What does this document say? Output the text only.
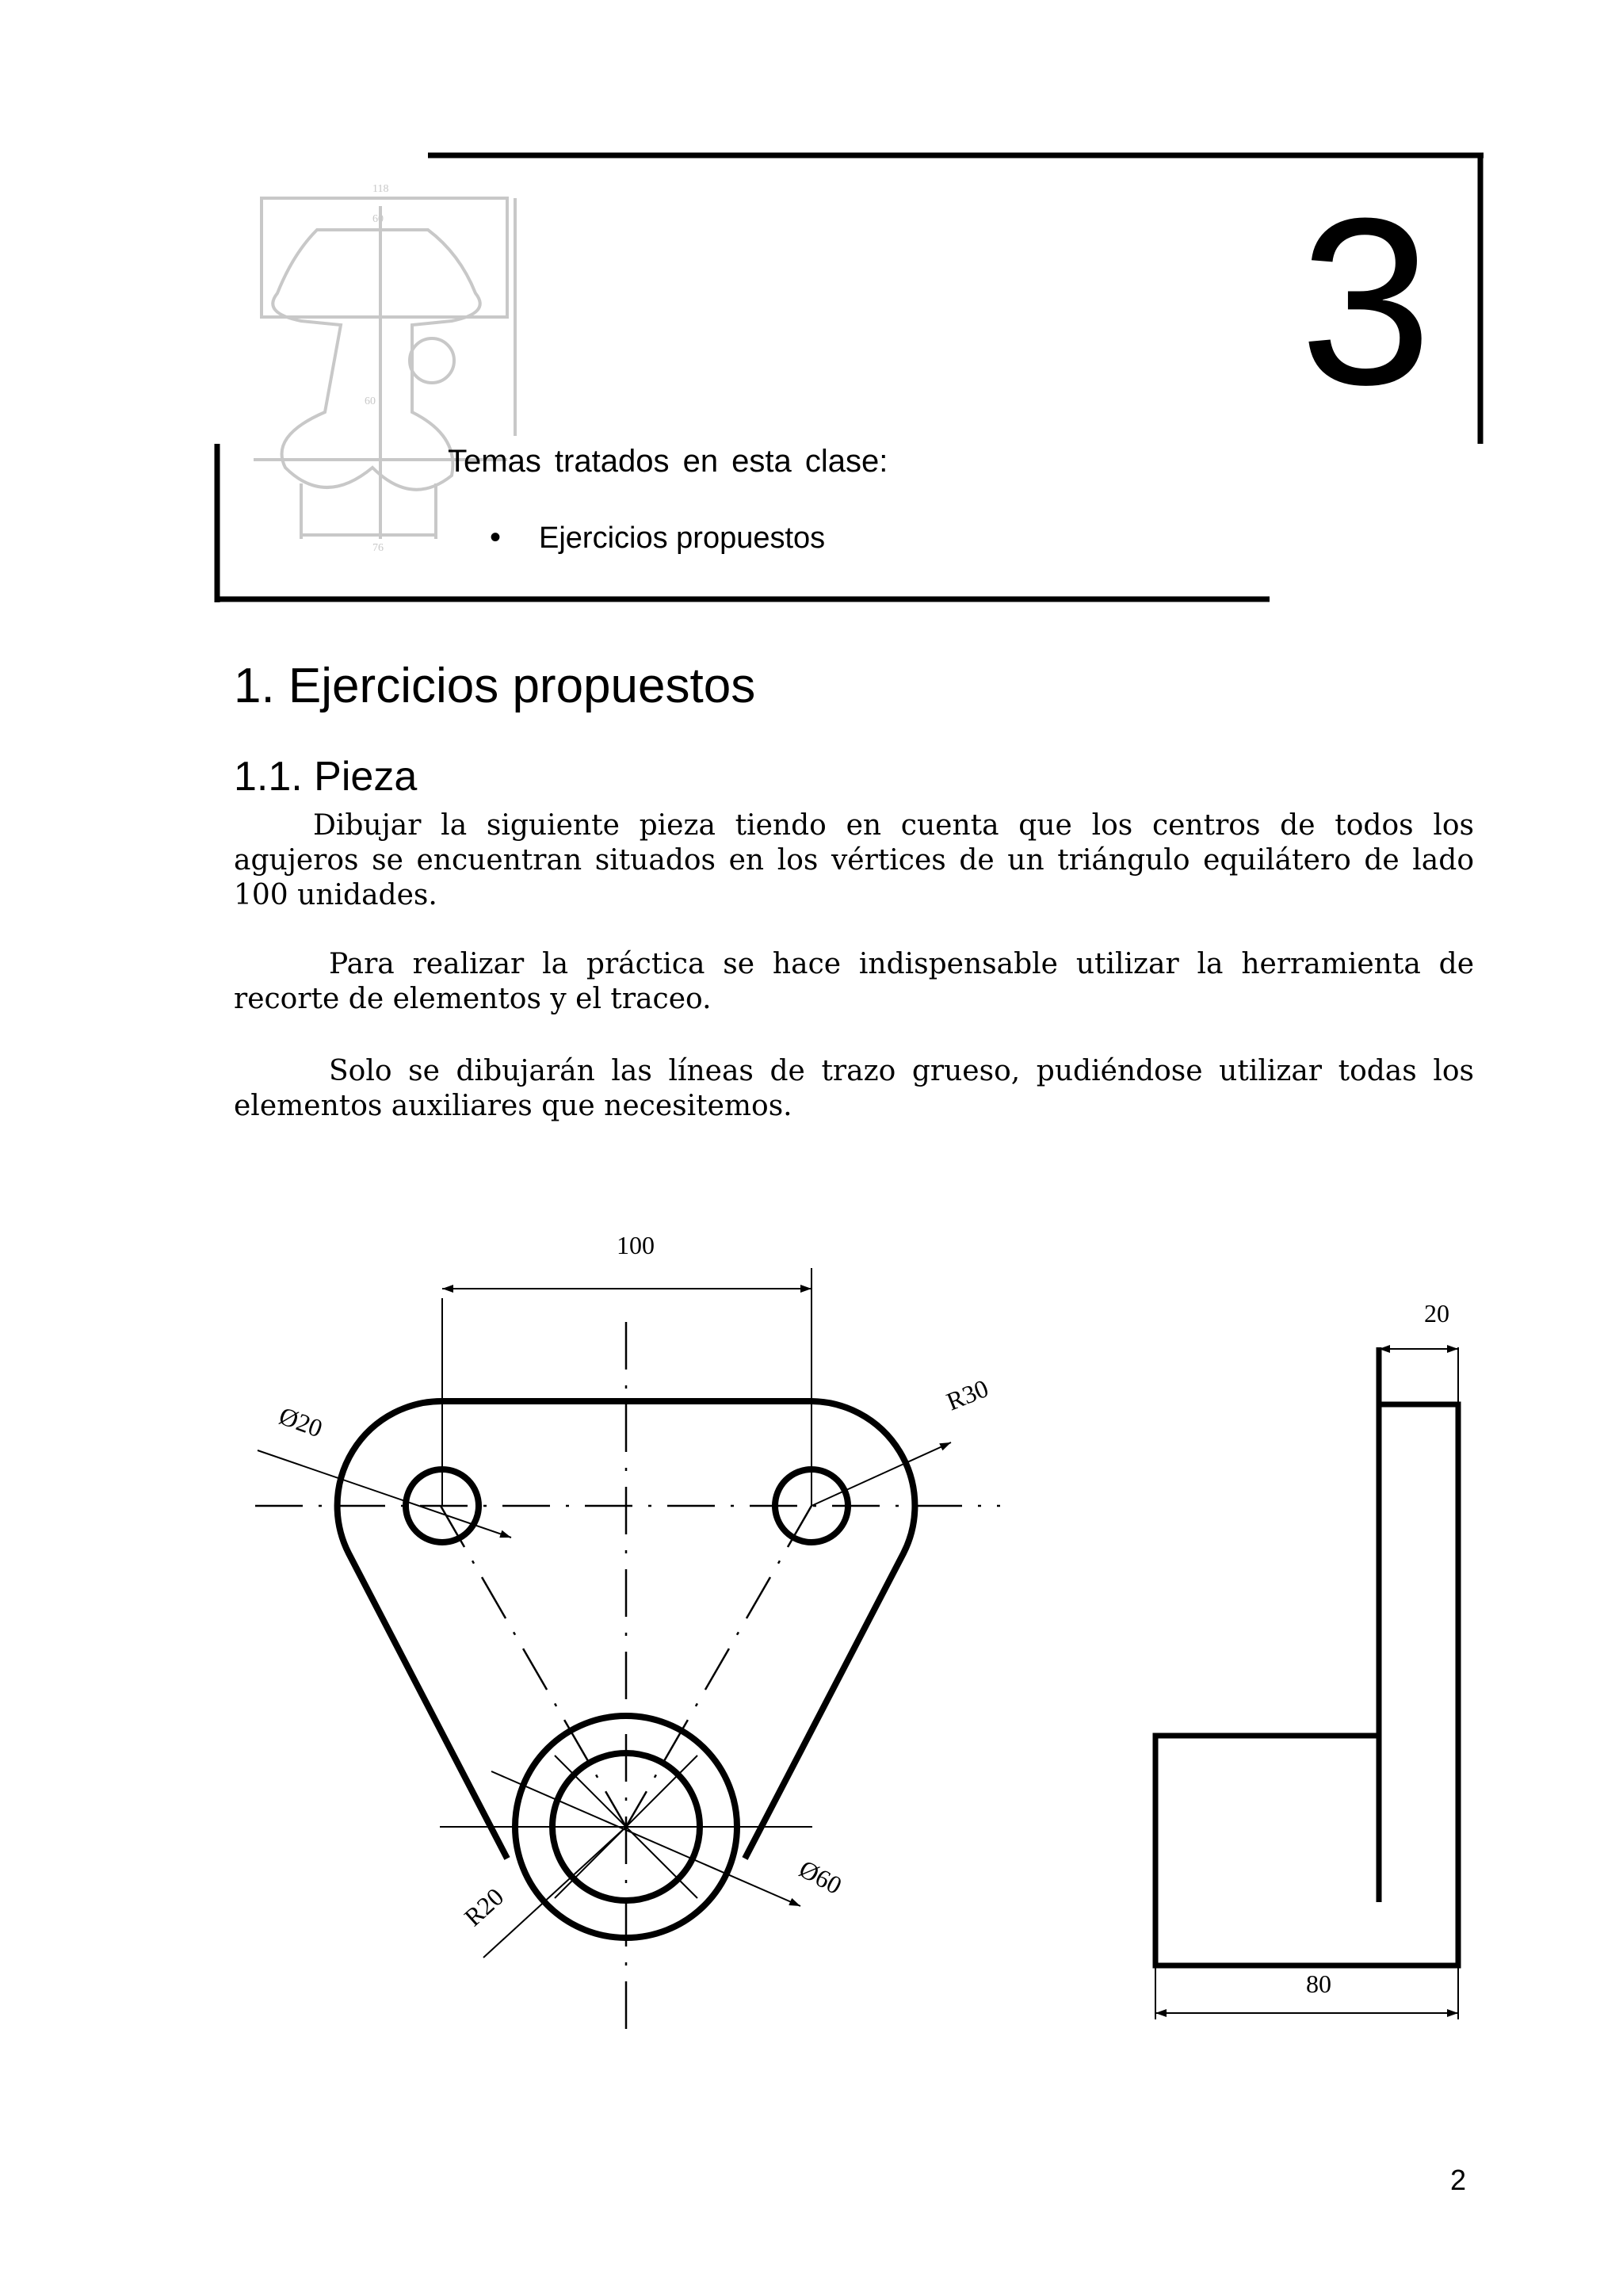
118
60
60
76
3
Temas tratados en esta clase:
• Ejercicios propuestos
1. Ejercicios propuestos
1.1. Pieza
Dibujar la siguiente pieza tiendo en cuenta que los centros de todos los agujeros se encuentran situados en los vértices de un triángulo equilátero de lado 100 unidades.
Para realizar la práctica se hace indispensable utilizar la herramienta de recorte de elementos y el traceo.
Solo se dibujarán las líneas de trazo grueso, pudiéndose utilizar todas los elementos auxiliares que necesitemos.
100
Ø20
R30
R20
Ø60
20
80
2
